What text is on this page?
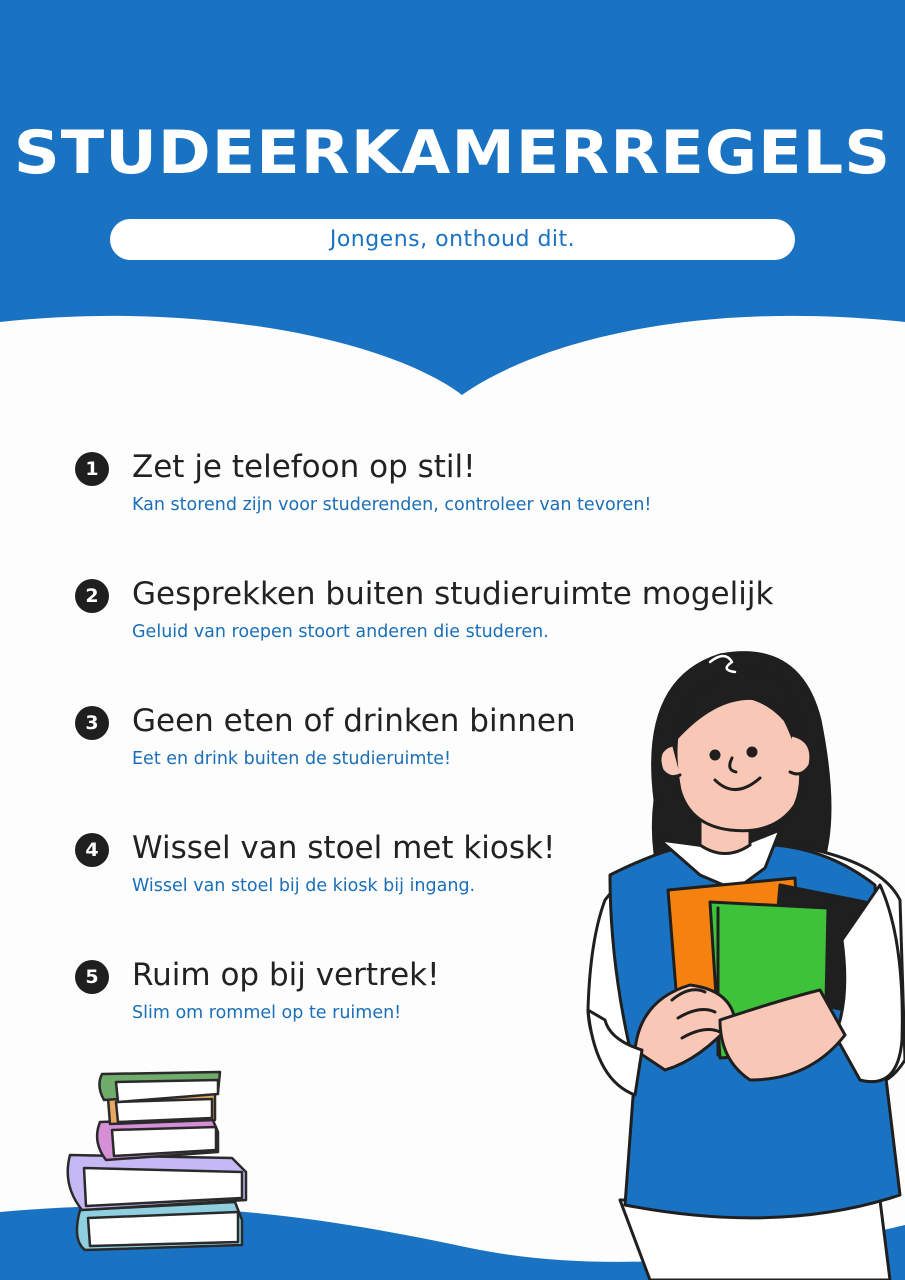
STUDEERKAMERREGELS
Jongens, onthoud dit.
1	Zet je telefoon op stil!
Kan storend zijn voor studerenden, controleer van tevoren!
2	Gesprekken buiten studieruimte mogelijk
Geluid van roepen stoort anderen die studeren.
3	Geen eten of drinken binnen
Eet en drink buiten de studieruimte!
4	Wissel van stoel met kiosk!
Wissel van stoel bij de kiosk bij ingang.
5	Ruim op bij vertrek!
Slim om rommel op te ruimen!
